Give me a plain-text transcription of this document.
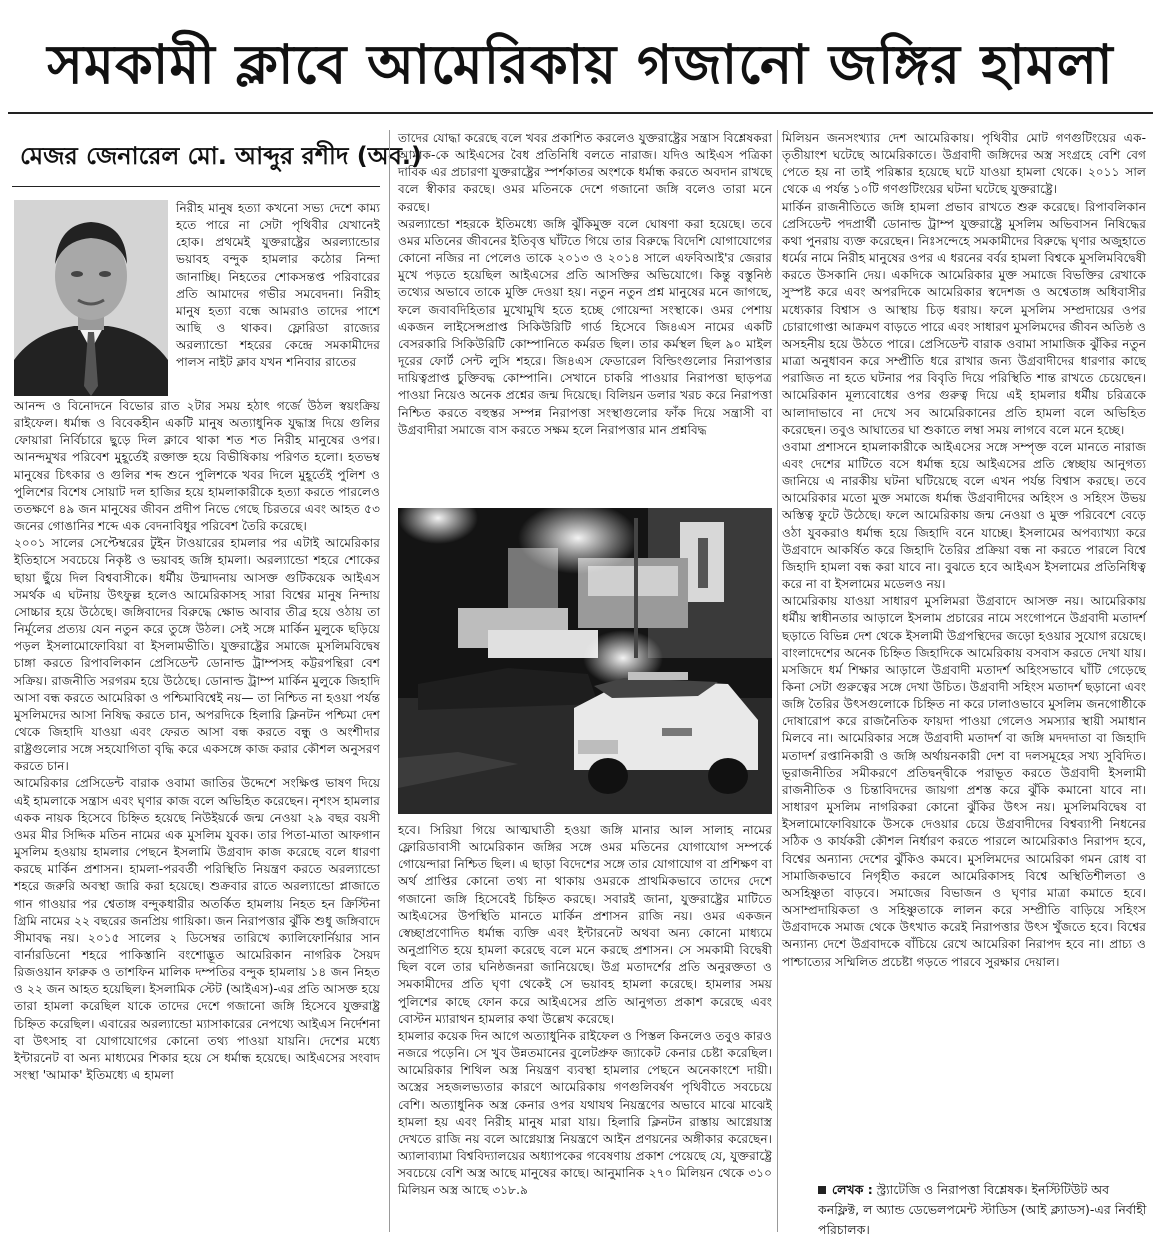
সমকামী ক্লাবে আমেরিকায় গজানো জঙ্গির হামলা
মেজর জেনারেল মো. আব্দুর রশীদ (অব.)

নিরীহ মানুষ হত্যা কখনো সভ্য দেশে কাম্য হতে পারে না সেটা পৃথিবীর যেখানেই হোক। প্রথমেই যুক্তরাষ্ট্রের অরল্যান্ডোর ভয়াবহ বন্দুক হামলার কঠোর নিন্দা জানাচ্ছি। নিহতের শোকসন্তপ্ত পরিবারের প্রতি আমাদের গভীর সমবেদনা। নিরীহ মানুষ হত্যা বন্ধে আমরাও তাদের পাশে আছি ও থাকব। ফ্লোরিডা রাজ্যের অরল্যান্ডো শহরের কেন্দ্রে সমকামীদের পালস নাইট ক্লাব যখন শনিবার রাতের

আনন্দ ও বিনোদনে বিভোর রাত ২টার সময় হঠাৎ গর্জে উঠল স্বয়ংক্রিয় রাইফেল। ধর্মান্ধ ও বিবেকহীন একটি মানুষ অত্যাধুনিক যুদ্ধাস্ত্র দিয়ে গুলির ফোয়ারা নির্বিচারে ছুড়ে দিল ক্লাবে থাকা শত শত নিরীহ মানুষের ওপর। আনন্দমুখর পরিবেশ মুহূর্তেই রক্তাক্ত হয়ে বিভীষিকায় পরিণত হলো। হতভম্ব মানুষের চিৎকার ও গুলির শব্দ শুনে পুলিশকে খবর দিলে মুহূর্তেই পুলিশ ও পুলিশের বিশেষ সোয়াট দল হাজির হয়ে হামলাকারীকে হত্যা করতে পারলেও ততক্ষণে ৪৯ জন মানুষের জীবন প্রদীপ নিভে গেছে চিরতরে এবং আহত ৫৩ জনের গোঙানির শব্দে এক বেদনাবিধুর পরিবেশ তৈরি করেছে।
২০০১ সালের সেপ্টেম্বরের টুইন টাওয়ারের হামলার পর এটাই আমেরিকার ইতিহাসে সবচেয়ে নিকৃষ্ট ও ভয়াবহ জঙ্গি হামলা। অরল্যান্ডো শহরে শোকের ছায়া ছুঁয়ে দিল বিশ্ববাসীকে। ধর্মীয় উন্মাদনায় আসক্ত গুটিকয়েক আইএস সমর্থক এ ঘটনায় উৎফুল্ল হলেও আমেরিকাসহ সারা বিশ্বের মানুষ নিন্দায় সোচ্চার হয়ে উঠেছে। জঙ্গিবাদের বিরুদ্ধে ক্ষোভ আবার তীব্র হয়ে ওঠায় তা নির্মূলের প্রত্যয় যেন নতুন করে তুঙ্গে উঠল। সেই সঙ্গে মার্কিন মুলুকে ছড়িয়ে পড়ল ইসলামোফোবিয়া বা ইসলামভীতি। যুক্তরাষ্ট্রের সমাজে মুসলিমবিদ্বেষ চাঙ্গা করতে রিপাবলিকান প্রেসিডেন্ট ডোনাল্ড ট্রাম্পসহ কট্টরপন্থিরা বেশ সক্রিয়। রাজনীতি সরগরম হয়ে উঠেছে। ডোনাল্ড ট্রাম্প মার্কিন মুলুকে জিহাদি আসা বন্ধ করতে আমেরিকা ও পশ্চিমাবিশ্বেই নয়— তা নিশ্চিত না হওয়া পর্যন্ত মুসলিমদের আসা নিষিদ্ধ করতে চান, অপরদিকে হিলারি ক্লিনটন পশ্চিমা দেশ থেকে জিহাদি যাওয়া এবং ফেরত আসা বন্ধ করতে বন্ধু ও অংশীদার রাষ্ট্রগুলোর সঙ্গে সহযোগিতা বৃদ্ধি করে একসঙ্গে কাজ করার কৌশল অনুসরণ করতে চান।
আমেরিকার প্রেসিডেন্ট বারাক ওবামা জাতির উদ্দেশে সংক্ষিপ্ত ভাষণ দিয়ে এই হামলাকে সন্ত্রাস এবং ঘৃণার কাজ বলে অভিহিত করেছেন। নৃশংস হামলার একক নায়ক হিসেবে চিহ্নিত হয়েছে নিউইয়র্কে জন্ম নেওয়া ২৯ বছর বয়সী ওমর মীর সিদ্দিক মতিন নামের এক মুসলিম যুবক। তার পিতা-মাতা আফগান মুসলিম হওয়ায় হামলার পেছনে ইসলামি উগ্রবাদ কাজ করেছে বলে ধারণা করছে মার্কিন প্রশাসন। হামলা-পরবর্তী পরিস্থিতি নিয়ন্ত্রণ করতে অরল্যান্ডো শহরে জরুরি অবস্থা জারি করা হয়েছে। শুক্রবার রাতে অরল্যান্ডো প্লাজাতে গান গাওয়ার পর শ্বেতাঙ্গ বন্দুকধারীর অতর্কিত হামলায় নিহত হন ক্রিস্টিনা গ্রিমি নামের ২২ বছরের জনপ্রিয় গায়িকা। জন নিরাপত্তার ঝুঁকি শুধু জঙ্গিবাদে সীমাবদ্ধ নয়। ২০১৫ সালের ২ ডিসেম্বর তারিখে ক্যালিফোর্নিয়ার সান বার্নারডিনো শহরে পাকিস্তানি বংশোদ্ভূত আমেরিকান নাগরিক সৈয়দ রিজওয়ান ফারুক ও তাশফিন মালিক দম্পতির বন্দুক হামলায় ১৪ জন নিহত ও ২২ জন আহত হয়েছিল। ইসলামিক স্টেট (আইএস)-এর প্রতি আসক্ত হয়ে তারা হামলা করেছিল যাকে তাদের দেশে গজানো জঙ্গি হিসেবে যুক্তরাষ্ট্র চিহ্নিত করেছিল। এবারের অরল্যান্ডো ম্যাসাকারের নেপথ্যে আইএস নির্দেশনা বা উৎসাহ বা যোগাযোগের কোনো তথ্য পাওয়া যায়নি। দেশের মধ্যে ইন্টারনেট বা অন্য মাধ্যমের শিকার হয়ে সে ধর্মান্ধ হয়েছে। আইএসের সংবাদ সংস্থা 'আমাক' ইতিমধ্যে এ হামলা

তাদের যোদ্ধা করেছে বলে খবর প্রকাশিত করলেও যুক্তরাষ্ট্রের সন্ত্রাস বিশ্লেষকরা আমাক-কে আইএসের বৈধ প্রতিনিধি বলতে নারাজ। যদিও আইএস পত্রিকা দাবিক এর প্রচারণা যুক্তরাষ্ট্রের স্পর্শকাতর অংশকে ধর্মান্ধ করতে অবদান রাখছে বলে স্বীকার করছে। ওমর মতিনকে দেশে গজানো জঙ্গি বলেও তারা মনে করছে।
অরল্যান্ডো শহরকে ইতিমধ্যে জঙ্গি ঝুঁকিমুক্ত বলে ঘোষণা করা হয়েছে। তবে ওমর মতিনের জীবনের ইতিবৃত্ত ঘাঁটতে গিয়ে তার বিরুদ্ধে বিদেশি যোগাযোগের কোনো নজির না পেলেও তাকে ২০১৩ ও ২০১৪ সালে এফবিআই'র জেরার মুখে পড়তে হয়েছিল আইএসের প্রতি আসক্তির অভিযোগে। কিন্তু বস্তুনিষ্ঠ তথ্যের অভাবে তাকে মুক্তি দেওয়া হয়। নতুন নতুন প্রশ্ন মানুষের মনে জাগছে, ফলে জবাবদিহিতার মুখোমুখি হতে হচ্ছে গোয়েন্দা সংস্থাকে। ওমর পেশায় একজন লাইসেন্সপ্রাপ্ত সিকিউরিটি গার্ড হিসেবে জি৪এস নামের একটি বেসরকারি সিকিউরিটি কোম্পানিতে কর্মরত ছিল। তার কর্মস্থল ছিল ৯০ মাইল দূরের ফোর্ট সেন্ট লুসি শহরে। জি৪এস ফেডারেল বিল্ডিংগুলোর নিরাপত্তার দায়িত্বপ্রাপ্ত চুক্তিবদ্ধ কোম্পানি। সেখানে চাকরি পাওয়ার নিরাপত্তা ছাড়পত্র পাওয়া নিয়েও অনেক প্রশ্নের জন্ম দিয়েছে। বিলিয়ন ডলার খরচ করে নিরাপত্তা নিশ্চিত করতে বহুস্তর সম্পন্ন নিরাপত্তা সংস্থাগুলোর ফাঁক দিয়ে সন্ত্রাসী বা উগ্রবাদীরা সমাজে বাস করতে সক্ষম হলে নিরাপত্তার মান প্রশ্নবিদ্ধ

হবে। সিরিয়া গিয়ে আত্মঘাতী হওয়া জঙ্গি মানার আল সালাহ নামের ফ্লোরিডাবাসী আমেরিকান জঙ্গির সঙ্গে ওমর মতিনের যোগাযোগ সম্পর্কে গোয়েন্দারা নিশ্চিত ছিল। এ ছাড়া বিদেশের সঙ্গে তার যোগাযোগ বা প্রশিক্ষণ বা অর্থ প্রাপ্তির কোনো তথ্য না থাকায় ওমরকে প্রাথমিকভাবে তাদের দেশে গজানো জঙ্গি হিসেবেই চিহ্নিত করছে। সবারই জানা, যুক্তরাষ্ট্রের মাটিতে আইএসের উপস্থিতি মানতে মার্কিন প্রশাসন রাজি নয়। ওমর একজন স্বেচ্ছাপ্রণোদিত ধর্মান্ধ ব্যক্তি এবং ইন্টারনেট অথবা অন্য কোনো মাধ্যমে অনুপ্রাণিত হয়ে হামলা করেছে বলে মনে করছে প্রশাসন। সে সমকামী বিদ্বেষী ছিল বলে তার ঘনিষ্ঠজনরা জানিয়েছে। উগ্র মতাদর্শের প্রতি অনুরক্ততা ও সমকামীদের প্রতি ঘৃণা থেকেই সে ভয়াবহ হামলা করেছে। হামলার সময় পুলিশের কাছে ফোন করে আইএসের প্রতি আনুগত্য প্রকাশ করেছে এবং বোস্টন ম্যারাথন হামলার কথা উল্লেখ করেছে।
হামলার কয়েক দিন আগে অত্যাধুনিক রাইফেল ও পিস্তল কিনলেও তবুও কারও নজরে পড়েনি। সে খুব উন্নতমানের বুলেটপ্রুফ জ্যাকেট কেনার চেষ্টা করেছিল। আমেরিকার শিথিল অস্ত্র নিয়ন্ত্রণ ব্যবস্থা হামলার পেছনে অনেকাংশে দায়ী। অস্ত্রের সহজলভ্যতার কারণে আমেরিকায় গণগুলিবর্ষণ পৃথিবীতে সবচেয়ে বেশি। অত্যাধুনিক অস্ত্র কেনার ওপর যথাযথ নিয়ন্ত্রণের অভাবে মাঝে মাঝেই হামলা হয় এবং নিরীহ মানুষ মারা যায়। হিলারি ক্লিনটন রাস্তায় আগ্নেয়াস্ত্র দেখতে রাজি নয় বলে আগ্নেয়াস্ত্র নিয়ন্ত্রণে আইন প্রণয়নের অঙ্গীকার করেছেন। অ্যালাব্যামা বিশ্ববিদ্যালয়ের অধ্যাপকের গবেষণায় প্রকাশ পেয়েছে যে, যুক্তরাষ্ট্রে সবচেয়ে বেশি অস্ত্র আছে মানুষের কাছে। আনুমানিক ২৭০ মিলিয়ন থেকে ৩১০ মিলিয়ন অস্ত্র আছে ৩১৮.৯

মিলিয়ন জনসংখ্যার দেশ আমেরিকায়। পৃথিবীর মোট গণগুটিংয়ের এক-তৃতীয়াংশ ঘটেছে আমেরিকাতে। উগ্রবাদী জঙ্গিদের অস্ত্র সংগ্রহে বেশি বেগ পেতে হয় না তাই পরিষ্কার হয়েছে ঘটে যাওয়া হামলা থেকে। ২০১১ সাল থেকে এ পর্যন্ত ১০টি গণগুটিংয়ের ঘটনা ঘটেছে যুক্তরাষ্ট্রে।
মার্কিন রাজনীতিতে জঙ্গি হামলা প্রভাব রাখতে শুরু করেছে। রিপাবলিকান প্রেসিডেন্ট পদপ্রার্থী ডোনাল্ড ট্রাম্প যুক্তরাষ্ট্রে মুসলিম অভিবাসন নিষিদ্ধের কথা পুনরায় ব্যক্ত করেছেন। নিঃসন্দেহে সমকামীদের বিরুদ্ধে ঘৃণার অজুহাতে ধর্মের নামে নিরীহ মানুষের ওপর এ ধরনের বর্বর হামলা বিশ্বকে মুসলিমবিদ্বেষী করতে উসকানি দেয়। একদিকে আমেরিকার মুক্ত সমাজে বিভক্তির রেখাকে সুস্পষ্ট করে এবং অপরদিকে আমেরিকার স্বদেশজ ও অশ্বেতাঙ্গ অধিবাসীর মধ্যেকার বিশ্বাস ও আস্থায় চিড় ধরায়। ফলে মুসলিম সম্প্রদায়ের ওপর চোরাগোপ্তা আক্রমণ বাড়তে পারে এবং সাধারণ মুসলিমদের জীবন অতিষ্ঠ ও অসহনীয় হয়ে উঠতে পারে। প্রেসিডেন্ট বারাক ওবামা সামাজিক ঝুঁকির নতুন মাত্রা অনুধাবন করে সম্প্রীতি ধরে রাখার জন্য উগ্রবাদীদের ধারণার কাছে পরাজিত না হতে ঘটনার পর বিবৃতি দিয়ে পরিস্থিতি শান্ত রাখতে চেয়েছেন। আমেরিকান মূল্যবোধের ওপর গুরুত্ব দিয়ে এই হামলার ধর্মীয় চরিত্রকে আলাদাভাবে না দেখে সব আমেরিকানের প্রতি হামলা বলে অভিহিত করেছেন। তবুও আঘাতের ঘা শুকাতে লম্বা সময় লাগবে বলে মনে হচ্ছে।
ওবামা প্রশাসনে হামলাকারীকে আইএসের সঙ্গে সম্পৃক্ত বলে মানতে নারাজ এবং দেশের মাটিতে বসে ধর্মান্ধ হয়ে আইএসের প্রতি স্বেচ্ছায় আনুগত্য জানিয়ে এ নারকীয় ঘটনা ঘটিয়েছে বলে এখন পর্যন্ত বিশ্বাস করছে। তবে আমেরিকার মতো মুক্ত সমাজে ধর্মান্ধ উগ্রবাদীদের অহিংস ও সহিংস উভয় অস্তিত্ব ফুটে উঠেছে। ফলে আমেরিকায় জন্ম নেওয়া ও মুক্ত পরিবেশে বেড়ে ওঠা যুবকরাও ধর্মান্ধ হয়ে জিহাদি বনে যাচ্ছে। ইসলামের অপব্যাখ্যা করে উগ্রবাদে আকর্ষিত করে জিহাদি তৈরির প্রক্রিয়া বন্ধ না করতে পারলে বিশ্বে জিহাদি হামলা বন্ধ করা যাবে না। বুঝতে হবে আইএস ইসলামের প্রতিনিধিত্ব করে না বা ইসলামের মডেলও নয়।
আমেরিকায় যাওয়া সাধারণ মুসলিমরা উগ্রবাদে আসক্ত নয়। আমেরিকায় ধর্মীয় স্বাধীনতার আড়ালে ইসলাম প্রচারের নামে সংগোপনে উগ্রবাদী মতাদর্শ ছড়াতে বিভিন্ন দেশ থেকে ইসলামী উগ্রপন্থিদের জড়ো হওয়ার সুযোগ রয়েছে। বাংলাদেশের অনেক চিহ্নিত জিহাদিকে আমেরিকায় বসবাস করতে দেখা যায়। মসজিদে ধর্ম শিক্ষার আড়ালে উগ্রবাদী মতাদর্শ অহিংসভাবে ঘাঁটি গেড়েছে কিনা সেটা গুরুত্বের সঙ্গে দেখা উচিত। উগ্রবাদী সহিংস মতাদর্শ ছড়ানো এবং জঙ্গি তৈরির উৎসগুলোকে চিহ্নিত না করে ঢালাওভাবে মুসলিম জনগোষ্ঠীকে দোষারোপ করে রাজনৈতিক ফায়দা পাওয়া গেলেও সমস্যার স্থায়ী সমাধান মিলবে না। আমেরিকার সঙ্গে উগ্রবাদী মতাদর্শ বা জঙ্গি মদদদাতা বা জিহাদি মতাদর্শ রপ্তানিকারী ও জঙ্গি অর্থায়নকারী দেশ বা দলসমূহের সখ্য সুবিদিত। ভূরাজনীতির সমীকরণে প্রতিদ্বন্দ্বীকে পরাভূত করতে উগ্রবাদী ইসলামী রাজনীতিক ও চিন্তাবিদদের জায়গা প্রশস্ত করে ঝুঁকি কমানো যাবে না। সাধারণ মুসলিম নাগরিকরা কোনো ঝুঁকির উৎস নয়। মুসলিমবিদ্বেষ বা ইসলামোফোবিয়াকে উসকে দেওয়ার চেয়ে উগ্রবাদীদের বিশ্বব্যাপী নিধনের সঠিক ও কার্যকরী কৌশল নির্ধারণ করতে পারলে আমেরিকাও নিরাপদ হবে, বিশ্বের অন্যান্য দেশের ঝুঁকিও কমবে। মুসলিমদের আমেরিকা গমন রোধ বা সামাজিকভাবে নিগৃহীত করলে আমেরিকাসহ বিশ্বে অস্থিতিশীলতা ও অসহিষ্ণুতা বাড়বে। সমাজের বিভাজন ও ঘৃণার মাত্রা কমাতে হবে। অসাম্প্রদায়িকতা ও সহিষ্ণুতাকে লালন করে সম্প্রীতি বাড়িয়ে সহিংস উগ্রবাদকে সমাজ থেকে উৎখাত করেই নিরাপত্তার উৎস খুঁজতে হবে। বিশ্বের অন্যান্য দেশে উগ্রবাদকে বাঁচিয়ে রেখে আমেরিকা নিরাপদ হবে না। প্রাচ্য ও পাশ্চাত্যের সম্মিলিত প্রচেষ্টা গড়তে পারবে সুরক্ষার দেয়াল।

লেখক : স্ট্র্যাটেজি ও নিরাপত্তা বিশ্লেষক। ইনস্টিটিউট অব কনফ্লিক্ট, ল অ্যান্ড ডেভেলপমেন্ট স্টাডিস (আই ক্ল্যাডস)-এর নির্বাহী পরিচালক।
